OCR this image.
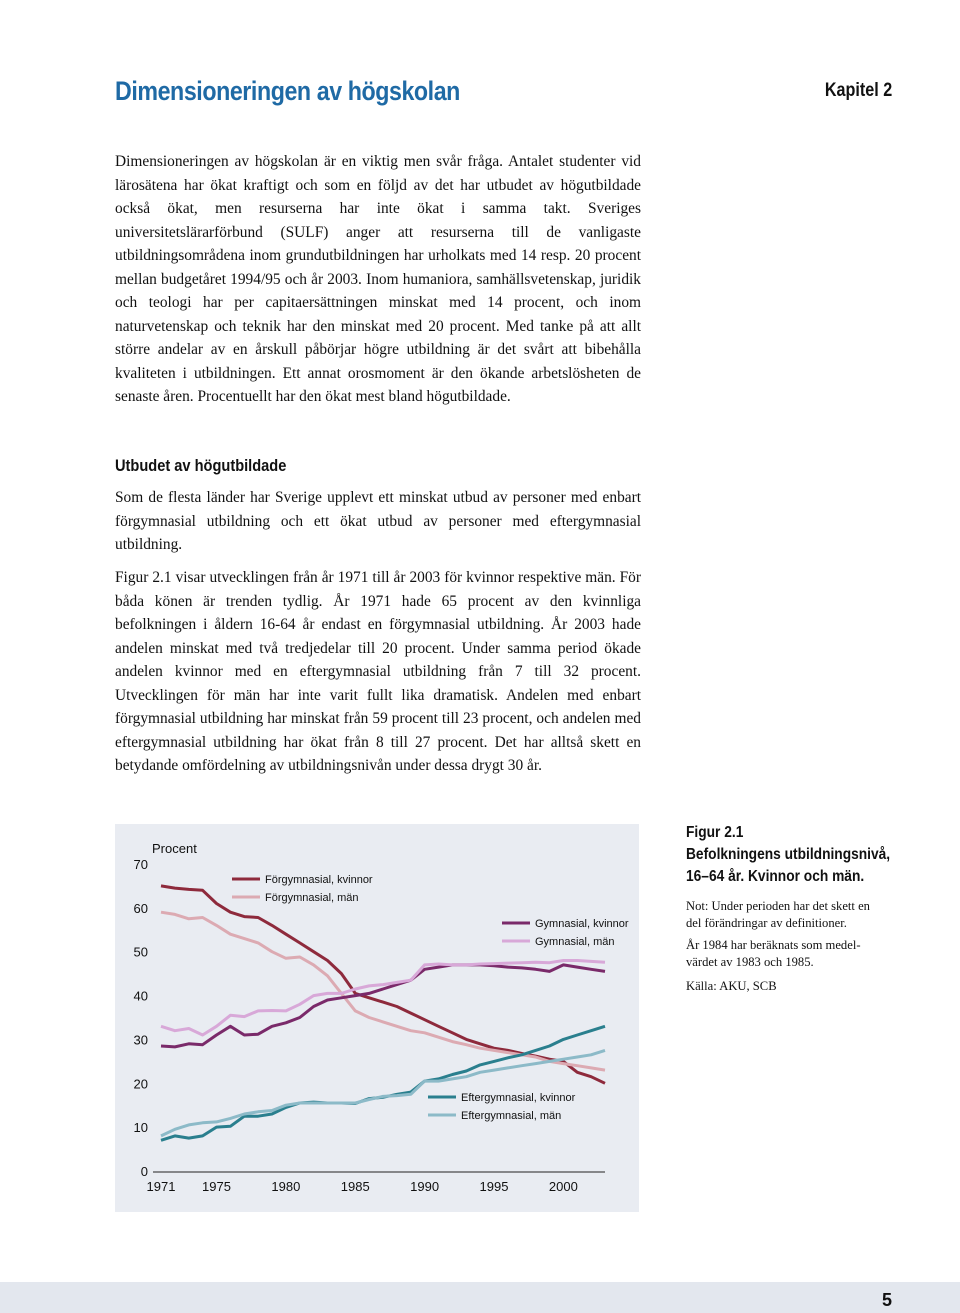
Dimensioneringen av högskolan	Kapitel 2

Dimensioneringen av högskolan är en viktig men svår fråga. Antalet studenter vid lärosätena har ökat kraftigt och som en följd av det har utbudet av högutbildade också ökat, men resurserna har inte ökat i samma takt. Sveriges universitetslärarförbund (SULF) anger att resurserna till de vanligaste utbildningsområdena inom grundutbildningen har urholkats med 14 resp. 20 procent mellan budgetåret 1994/95 och år 2003. Inom humaniora, samhällsvetenskap, juridik och teologi har per capitaersättningen minskat med 14 procent, och inom naturvetenskap och teknik har den minskat med 20 procent. Med tanke på att allt större andelar av en årskull påbörjar högre utbildning är det svårt att bibehålla kvaliteten i utbildningen. Ett annat orosmoment är den ökande arbetslösheten de senaste åren. Procentuellt har den ökat mest bland högutbildade.

Utbudet av högutbildade

Som de flesta länder har Sverige upplevt ett minskat utbud av personer med enbart förgymnasial utbildning och ett ökat utbud av personer med eftergymnasial utbildning.

Figur 2.1 visar utvecklingen från år 1971 till år 2003 för kvinnor respektive män. För båda könen är trenden tydlig. År 1971 hade 65 procent av den kvinnliga befolkningen i åldern 16-64 år endast en förgymnasial utbildning. År 2003 hade andelen minskat med två tredjedelar till 20 procent. Under samma period ökade andelen kvinnor med en eftergymnasial utbildning från 7 till 32 procent. Utvecklingen för män har inte varit fullt lika dramatisk. Andelen med enbart förgymnasial utbildning har minskat från 59 procent till 23 procent, och andelen med eftergymnasial utbildning har ökat från 8 till 27 procent. Det har alltså skett en betydande omfördelning av utbildningsnivån under dessa drygt 30 år.

0
10
20
30
40
50
60
70
1971 1975	1980	1985	1990	1995	2000
Procent
Förgymnasial, kvinnor
Förgymnasial, män
Gymnasial, kvinnor
Gymnasial, män
Eftergymnasial, kvinnor
Eftergymnasial, män
Figur 2.1
Befolkningens utbildningsnivå,
16–64 år. Kvinnor och män.

Not: Under perioden har det skett en del förändringar av definitioner.

År 1984 har beräknats som medelvärdet av 1983 och 1985.

Källa: AKU, SCB

5
